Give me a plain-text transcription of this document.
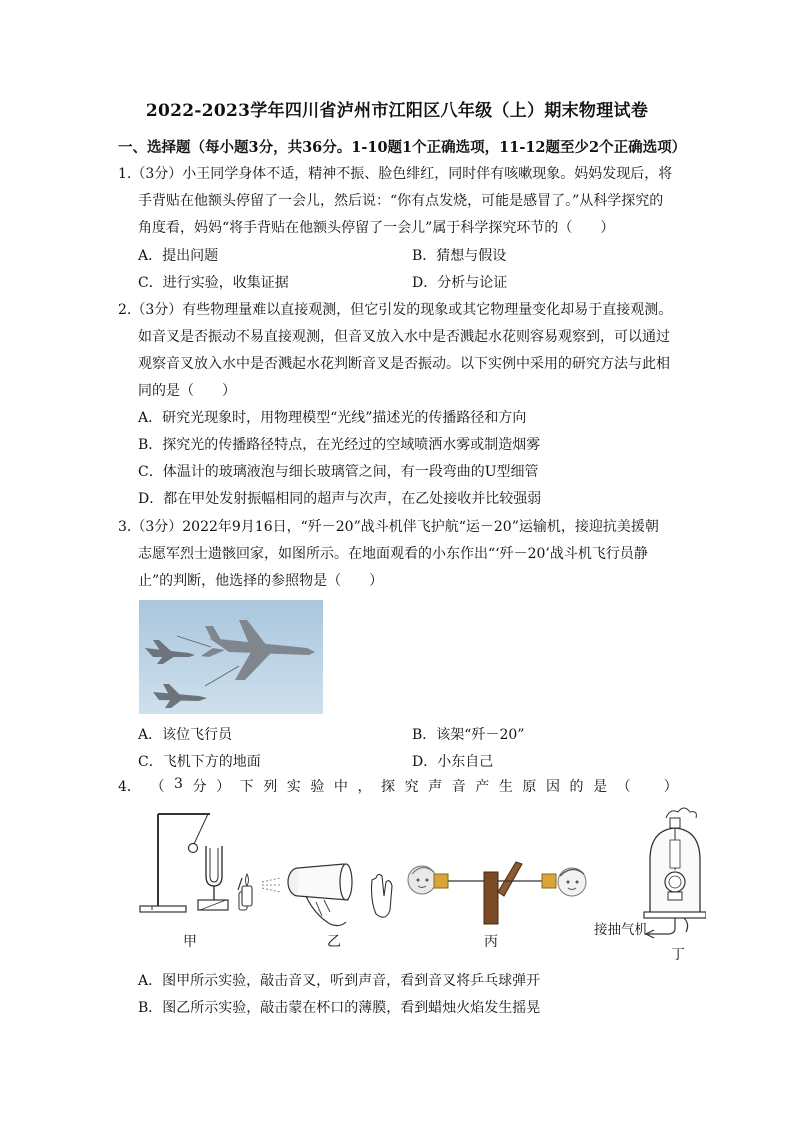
2022-2023学年四川省泸州市江阳区八年级（上）期末物理试卷
一、选择题（每小题3分，共36分。1-10题1个正确选项，11-12题至少2个正确选项）
1.（3分）小王同学身体不适，精神不振、脸色绯红，同时伴有咳嗽现象。妈妈发现后，将
手背贴在他额头停留了一会儿，然后说：“你有点发烧，可能是感冒了。”从科学探究的
角度看，妈妈“将手背贴在他额头停留了一会儿”属于科学探究环节的（　　）
A．提出问题	B．猜想与假设
C．进行实验，收集证据	D．分析与论证
2.（3分）有些物理量难以直接观测，但它引发的现象或其它物理量变化却易于直接观测。
如音叉是否振动不易直接观测，但音叉放入水中是否溅起水花则容易观察到，可以通过
观察音叉放入水中是否溅起水花判断音叉是否振动。以下实例中采用的研究方法与此相
同的是（　　）
A．研究光现象时，用物理模型“光线”描述光的传播路径和方向
B．探究光的传播路径特点，在光经过的空域喷洒水雾或制造烟雾
C．体温计的玻璃液泡与细长玻璃管之间，有一段弯曲的U型细管
D．都在甲处发射振幅相同的超声与次声，在乙处接收并比较强弱
3.（3分）2022年9月16日，“歼－20”战斗机伴飞护航“运－20”运输机，接迎抗美援朝
志愿军烈士遗骸回家，如图所示。在地面观看的小东作出“‘歼－20’战斗机飞行员静
止”的判断，他选择的参照物是（　　）
A．该位飞行员	B．该架“歼－20”
C．飞机下方的地面	D．小东自己
4． （ 3 分 ） 下 列 实 验 中 ， 探 究 声 音 产 生 原 因 的 是 （
　 ）
甲	乙	丙
接抽气机
丁
A．图甲所示实验，敲击音叉，听到声音，看到音叉将乒乓球弹开
B．图乙所示实验，敲击蒙在杯口的薄膜，看到蜡烛火焰发生摇晃
